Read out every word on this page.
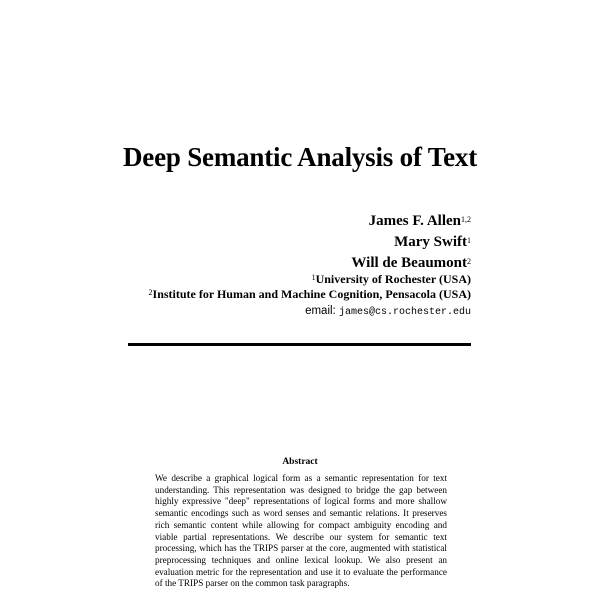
Deep Semantic Analysis of Text
James F. Allen$^{1,2}$
Mary Swift$^1$
Will de Beaumont$^2$
$^1$University of Rochester (USA)
$^2$Institute for Human and Machine Cognition, Pensacola (USA)
email: james@cs.rochester.edu
Abstract
We describe a graphical logical form as a semantic representation for text understanding. This representation was designed to bridge the gap between highly expressive "deep" representations of logical forms and more shallow semantic encodings such as word senses and semantic relations. It preserves rich semantic content while allowing for compact ambiguity encoding and viable partial representations. We describe our system for semantic text processing, which has the TRIPS parser at the core, augmented with statistical preprocessing techniques and online lexical lookup. We also present an evaluation metric for the representation and use it to evaluate the performance of the TRIPS parser on the common task paragraphs.
